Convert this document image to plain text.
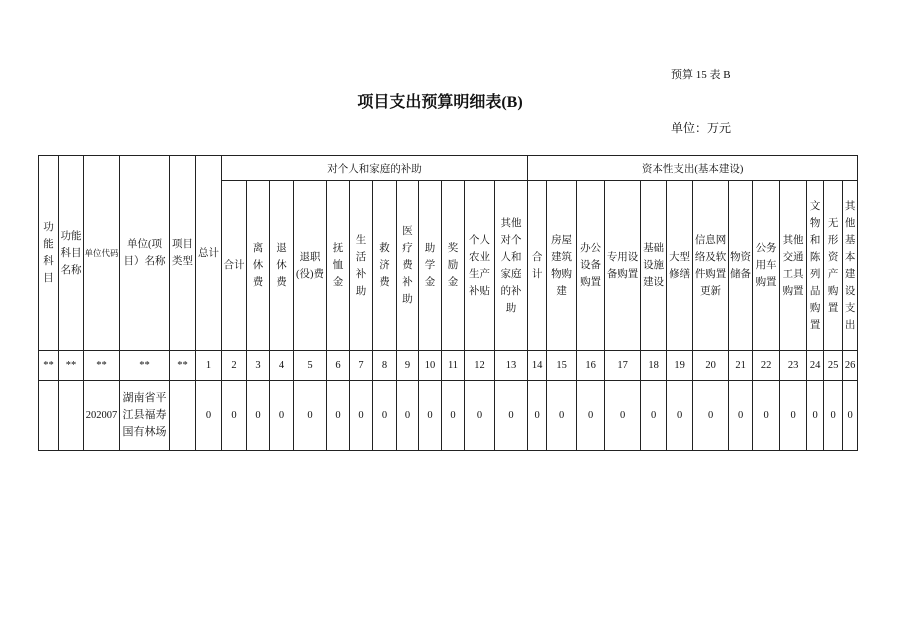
预算 15 表 B
项目支出预算明细表(B)
单位：万元
功能科目	功能科目名称	单位代码	单位(项目）名称	项目类型	总计	对个人和家庭的补助												资本性支出(基本建设)												
						合计	离休费	退休费	退职(役)费	抚恤金	生活补助	救济费	医疗费补助	助学金	奖励金	个人农业生产补贴	其他对个人和家庭的补助	合计	房屋建筑物购建	办公设备购置	专用设备购置	基础设施建设	大型修缮	信息网络及软件购置更新	物资储备	公务用车购置	其他交通工具购置	文物和陈列品购置	无形资产购置	其他基本建设支出
**	**	**	**	**	1	2	3	4	5	6	7	8	9	10	11	12	13	14	15	16	17	18	19	20	21	22	23	24	25	26
		202007	湖南省平江县福寿国有林场		0	0	0	0	0	0	0	0	0	0	0	0	0	0	0	0	0	0	0	0	0	0	0	0	0	0
